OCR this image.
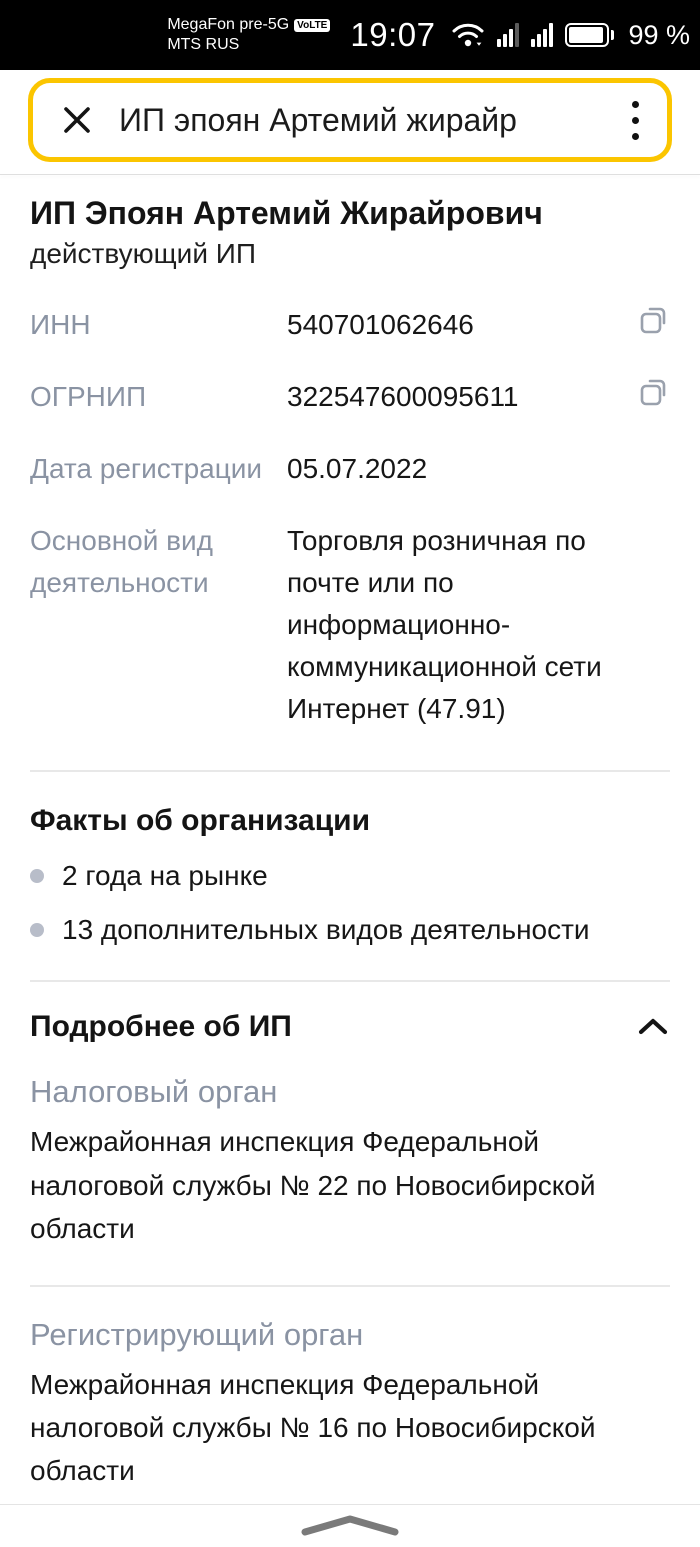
MegaFon pre-5G VoLTE
MTS RUS	19:07	99 %
ИП эпоян Артемий жирайр
ИП Эпоян Артемий Жирайрович

действующий ИП

ИНН	540701062646
ОГРНИП	322547600095611
Дата регистрации 05.07.2022
Основной вид деятельности
Торговля розничная по почте или по информационно-коммуникационной сети Интернет (47.91)
Факты об организации
2 года на рынке
13 дополнительных видов деятельности
Подробнее об ИП
Налоговый орган

Межрайонная инспекция Федеральной налоговой службы № 22 по Новосибирской области

Регистрирующий орган

Межрайонная инспекция Федеральной налоговой службы № 16 по Новосибирской области
